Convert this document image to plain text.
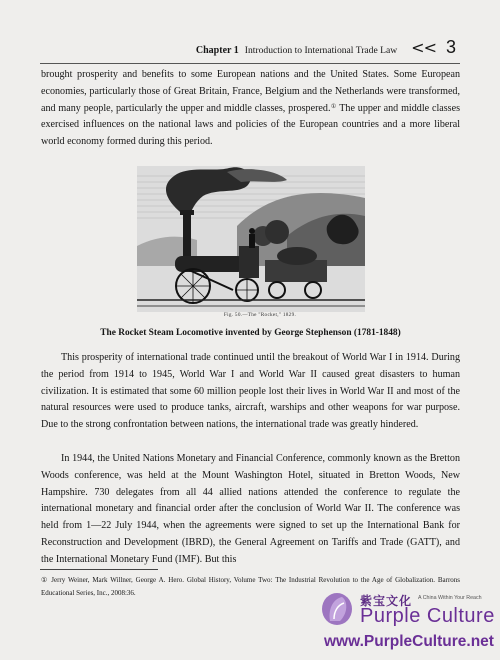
Chapter 1 Introduction to International Trade Law << 3

brought prosperity and benefits to some European nations and the United States. Some European economies, particularly those of Great Britain, France, Belgium and the Netherlands were transformed, and many people, particularly the upper and middle classes, prospered.① The upper and middle classes exercised influences on the national laws and policies of the European countries and a more liberal world economy formed during this period.

Fig. 50.—The "Rocket," 1829.
The Rocket Steam Locomotive invented by George Stephenson (1781-1848)

This prosperity of international trade continued until the breakout of World War I in 1914. During the period from 1914 to 1945, World War I and World War II caused great disasters to human civilization. It is estimated that some 60 million people lost their lives in World War II and most of the natural resources were used to produce tanks, aircraft, warships and other weapons for war purpose. Due to the strong confrontation between nations, the international trade was greatly hindered.

In 1944, the United Nations Monetary and Financial Conference, commonly known as the Bretton Woods conference, was held at the Mount Washington Hotel, situated in Bretton Woods, New Hampshire. 730 delegates from all 44 allied nations attended the conference to regulate the international monetary and financial order after the conclusion of World War II. The conference was held from 1—22 July 1944, when the agreements were signed to set up the International Bank for Reconstruction and Development (IBRD), the General Agreement on Tariffs and Trade (GATT), and the International Monetary Fund (IMF). But this

① Jerry Weiner, Mark Willner, George A. Hero. Global History, Volume Two: The Industrial Revolution to the Age of Globalization. Barrons Educational Series, Inc., 2008:36.

紫宝文化 A China Within Your Reach
Purple Culture
www.PurpleCulture.net
